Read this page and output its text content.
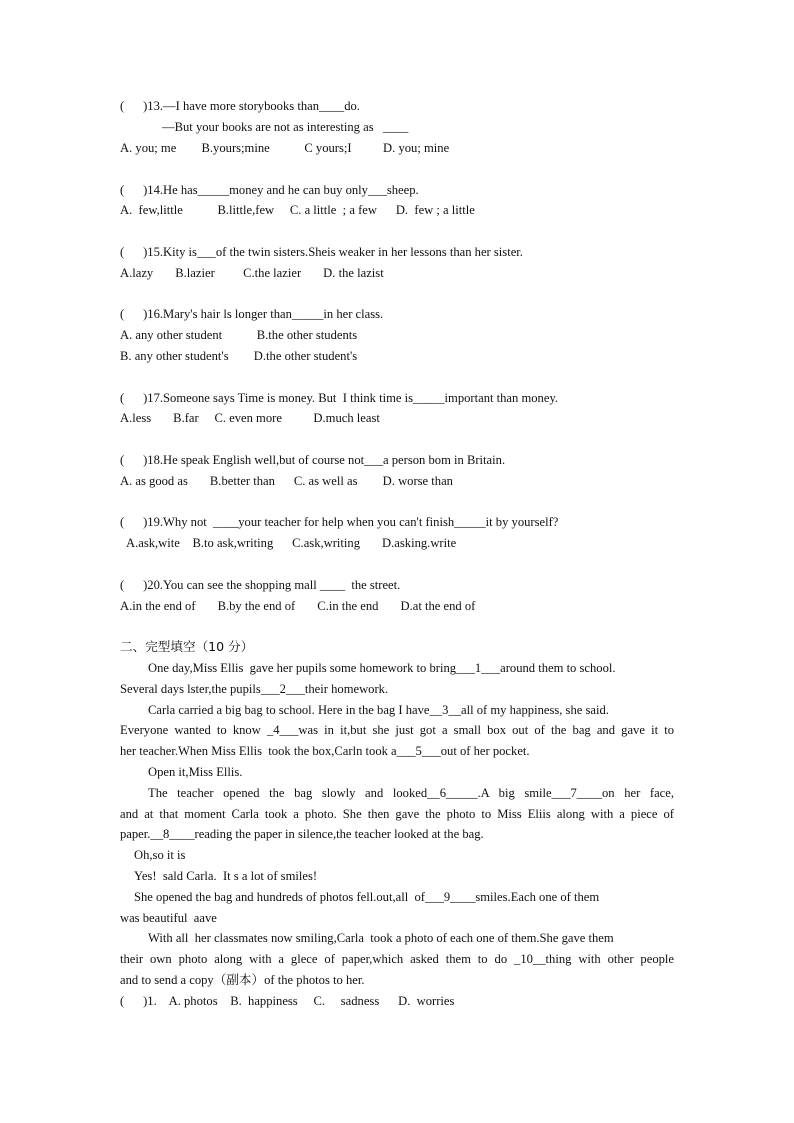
(      )13.—I have more storybooks than____do.
—But your books are not as interesting as   ____
A. you; me        B.yours;mine           C yours;I          D. you; mine
(      )14.He has_____money and he can buy only___sheep.
A.  few,little           B.little,few     C. a little  ; a few      D.  few ; a little
(      )15.Kity is___of the twin sisters.Sheis weaker in her lessons than her sister.
A.lazy       B.lazier         C.the lazier       D. the lazist
(      )16.Mary's hair ls longer than_____in her class.
A. any other student           B.the other students
B. any other student's        D.the other student's
(      )17.Someone says Time is money. But  I think time is_____important than money.
A.less       B.far     C. even more          D.much least
(      )18.He speak English well,but of course not___a person bom in Britain.
A. as good as       B.better than      C. as well as        D. worse than
(      )19.Why not  ____your teacher for help when you can't finish_____it by yourself?
A.ask,wite    B.to ask,writing      C.ask,writing       D.asking.write
(      )20.You can see the shopping mall ____  the street.
A.in the end of       B.by the end of       C.in the end       D.at the end of
二、完型填空（10 分）
One day,Miss Ellis  gave her pupils some homework to bring___1___around them to school.
Several days lster,the pupils___2___their homework.
Carla carried a big bag to school. Here in the bag I have__3__all of my happiness, she said.
Everyone wanted to know _4___was in it,but she just got a small box out of the bag and gave it to
her teacher.When Miss Ellis  took the box,Carln took a___5___out of her pocket.
Open it,Miss Ellis.
The teacher opened the bag slowly and looked__6_____.A big smile___7____on her face,
and at that moment Carla took a photo. She then gave the photo to Miss Eliis along with a piece of
paper.__8____reading the paper in silence,the teacher looked at the bag.
Oh,so it is
Yes!  sald Carla.  It s a lot of smiles!
She opened the bag and hundreds of photos fell.out,all  of___9____smiles.Each one of them
was beautiful  aave
With all  her classmates now smiling,Carla  took a photo of each one of them.She gave them
their own photo along with a glece of paper,which asked them to do _10__thing with other people
and to send a copy（副本）of the photos to her.
(      )1.    A. photos    B.  happiness     C.     sadness      D.  worries
